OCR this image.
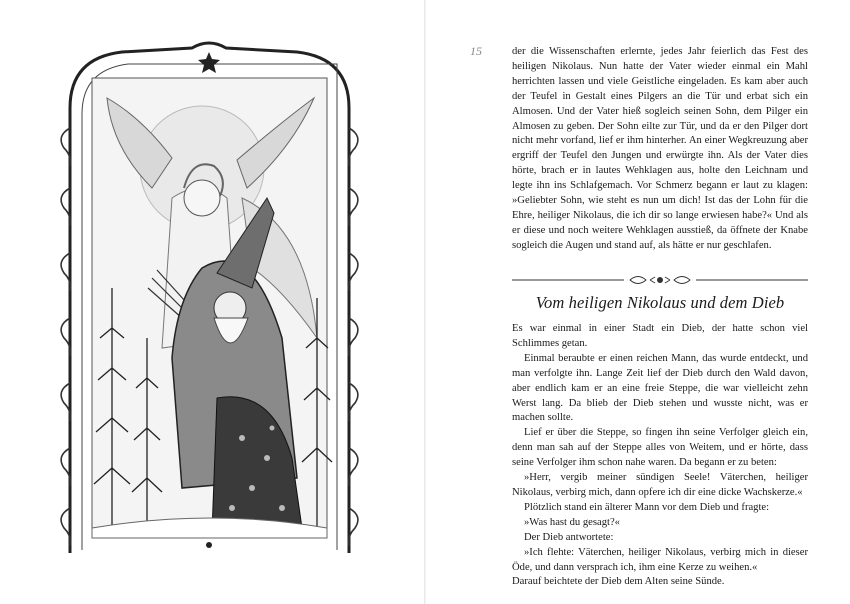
15	der die Wissenschaften erlernte, jedes Jahr feierlich das Fest des heiligen Nikolaus. Nun hatte der Vater wieder einmal ein Mahl herrichten lassen und viele Geistliche eingeladen. Es kam aber auch der Teufel in Gestalt eines Pilgers an die Tür und erbat sich ein Almosen. Und der Vater hieß sogleich seinen Sohn, dem Pilger ein Almosen zu geben. Der Sohn eilte zur Tür, und da er den Pilger dort nicht mehr vorfand, lief er ihm hinterher. An einer Wegkreuzung aber ergriff der Teufel den Jungen und erwürgte ihn. Als der Vater dies hörte, brach er in lautes Wehklagen aus, holte den Leichnam und legte ihn ins Schlafgemach. Vor Schmerz begann er laut zu klagen: »Geliebter Sohn, wie steht es nun um dich! Ist das der Lohn für die Ehre, heiliger Nikolaus, die ich dir so lange erwiesen habe?« Und als er diese und noch weitere Wehklagen ausstieß, da öffnete der Knabe sogleich die Augen und stand auf, als hätte er nur geschlafen.

Vom heiligen Nikolaus und dem Dieb

Es war einmal in einer Stadt ein Dieb, der hatte schon viel Schlimmes getan.

Einmal beraubte er einen reichen Mann, das wurde entdeckt, und man verfolgte ihn. Lange Zeit lief der Dieb durch den Wald davon, aber endlich kam er an eine freie Steppe, die war vielleicht zehn Werst lang. Da blieb der Dieb stehen und wusste nicht, was er machen sollte.

Lief er über die Steppe, so fingen ihn seine Verfolger gleich ein, denn man sah auf der Steppe alles von Weitem, und er hörte, dass seine Verfolger ihm schon nahe waren. Da begann er zu beten:

»Herr, vergib meiner sündigen Seele! Väterchen, heiliger Nikolaus, verbirg mich, dann opfere ich dir eine dicke Wachskerze.«

Plötzlich stand ein älterer Mann vor dem Dieb und fragte:

»Was hast du gesagt?«

Der Dieb antwortete:

»Ich flehte: Väterchen, heiliger Nikolaus, verbirg mich in dieser Öde, und dann versprach ich, ihm eine Kerze zu weihen.«

Darauf beichtete der Dieb dem Alten seine Sünde.
